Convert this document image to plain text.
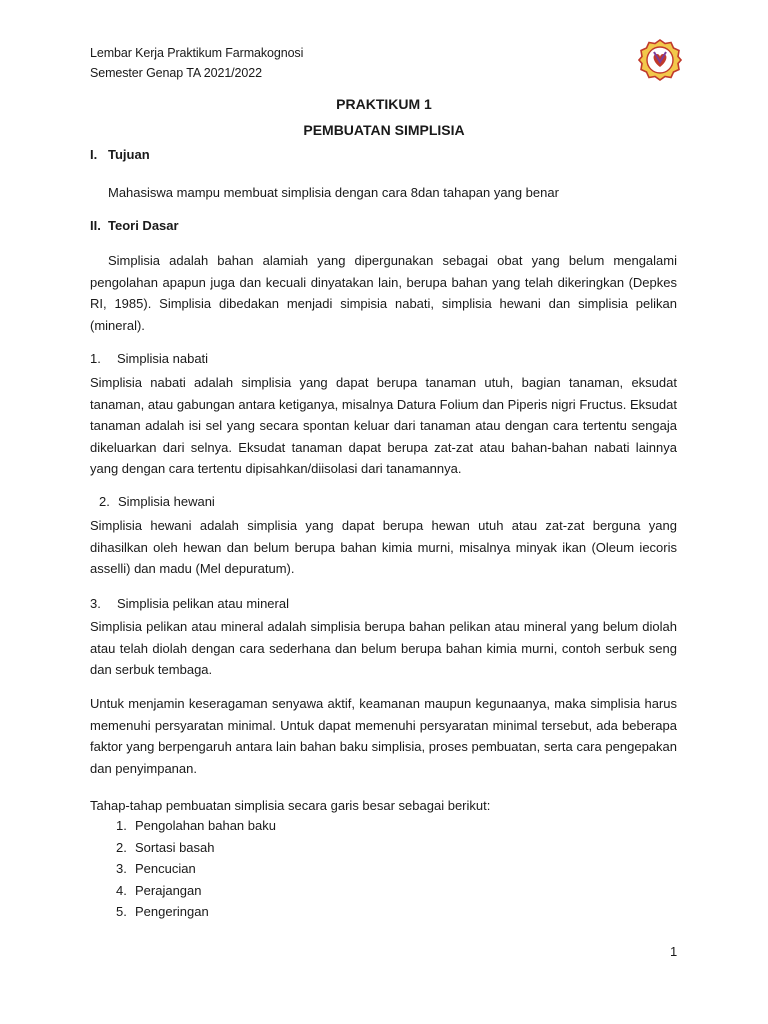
Lembar Kerja Praktikum Farmakognosi
Semester Genap TA 2021/2022
PRAKTIKUM 1
PEMBUATAN SIMPLISIA
I. Tujuan
Mahasiswa mampu membuat simplisia dengan cara 8dan tahapan yang benar
II. Teori Dasar
Simplisia adalah bahan alamiah yang dipergunakan sebagai obat yang belum mengalami pengolahan apapun juga dan kecuali dinyatakan lain, berupa bahan yang telah dikeringkan (Depkes RI, 1985). Simplisia dibedakan menjadi simpisia nabati, simplisia hewani dan simplisia pelikan (mineral).
1. Simplisia nabati
Simplisia nabati adalah simplisia yang dapat berupa tanaman utuh, bagian tanaman, eksudat tanaman, atau gabungan antara ketiganya, misalnya Datura Folium dan Piperis nigri Fructus. Eksudat tanaman adalah isi sel yang secara spontan keluar dari tanaman atau dengan cara tertentu sengaja dikeluarkan dari selnya. Eksudat tanaman dapat berupa zat-zat atau bahan-bahan nabati lainnya yang dengan cara tertentu dipisahkan/diisolasi dari tanamannya.
2. Simplisia hewani
Simplisia hewani adalah simplisia yang dapat berupa hewan utuh atau zat-zat berguna yang dihasilkan oleh hewan dan belum berupa bahan kimia murni, misalnya minyak ikan (Oleum iecoris asselli) dan madu (Mel depuratum).
3. Simplisia pelikan atau mineral
Simplisia pelikan atau mineral adalah simplisia berupa bahan pelikan atau mineral yang belum diolah atau telah diolah dengan cara sederhana dan belum berupa bahan kimia murni, contoh serbuk seng dan serbuk tembaga.
Untuk menjamin keseragaman senyawa aktif, keamanan maupun kegunaanya, maka simplisia harus memenuhi persyaratan minimal. Untuk dapat memenuhi persyaratan minimal tersebut, ada beberapa faktor yang berpengaruh antara lain bahan baku simplisia, proses pembuatan, serta cara pengepakan dan penyimpanan.
Tahap-tahap pembuatan simplisia secara garis besar sebagai berikut:
1. Pengolahan bahan baku
2. Sortasi basah
3. Pencucian
4. Perajangan
5. Pengeringan
1
